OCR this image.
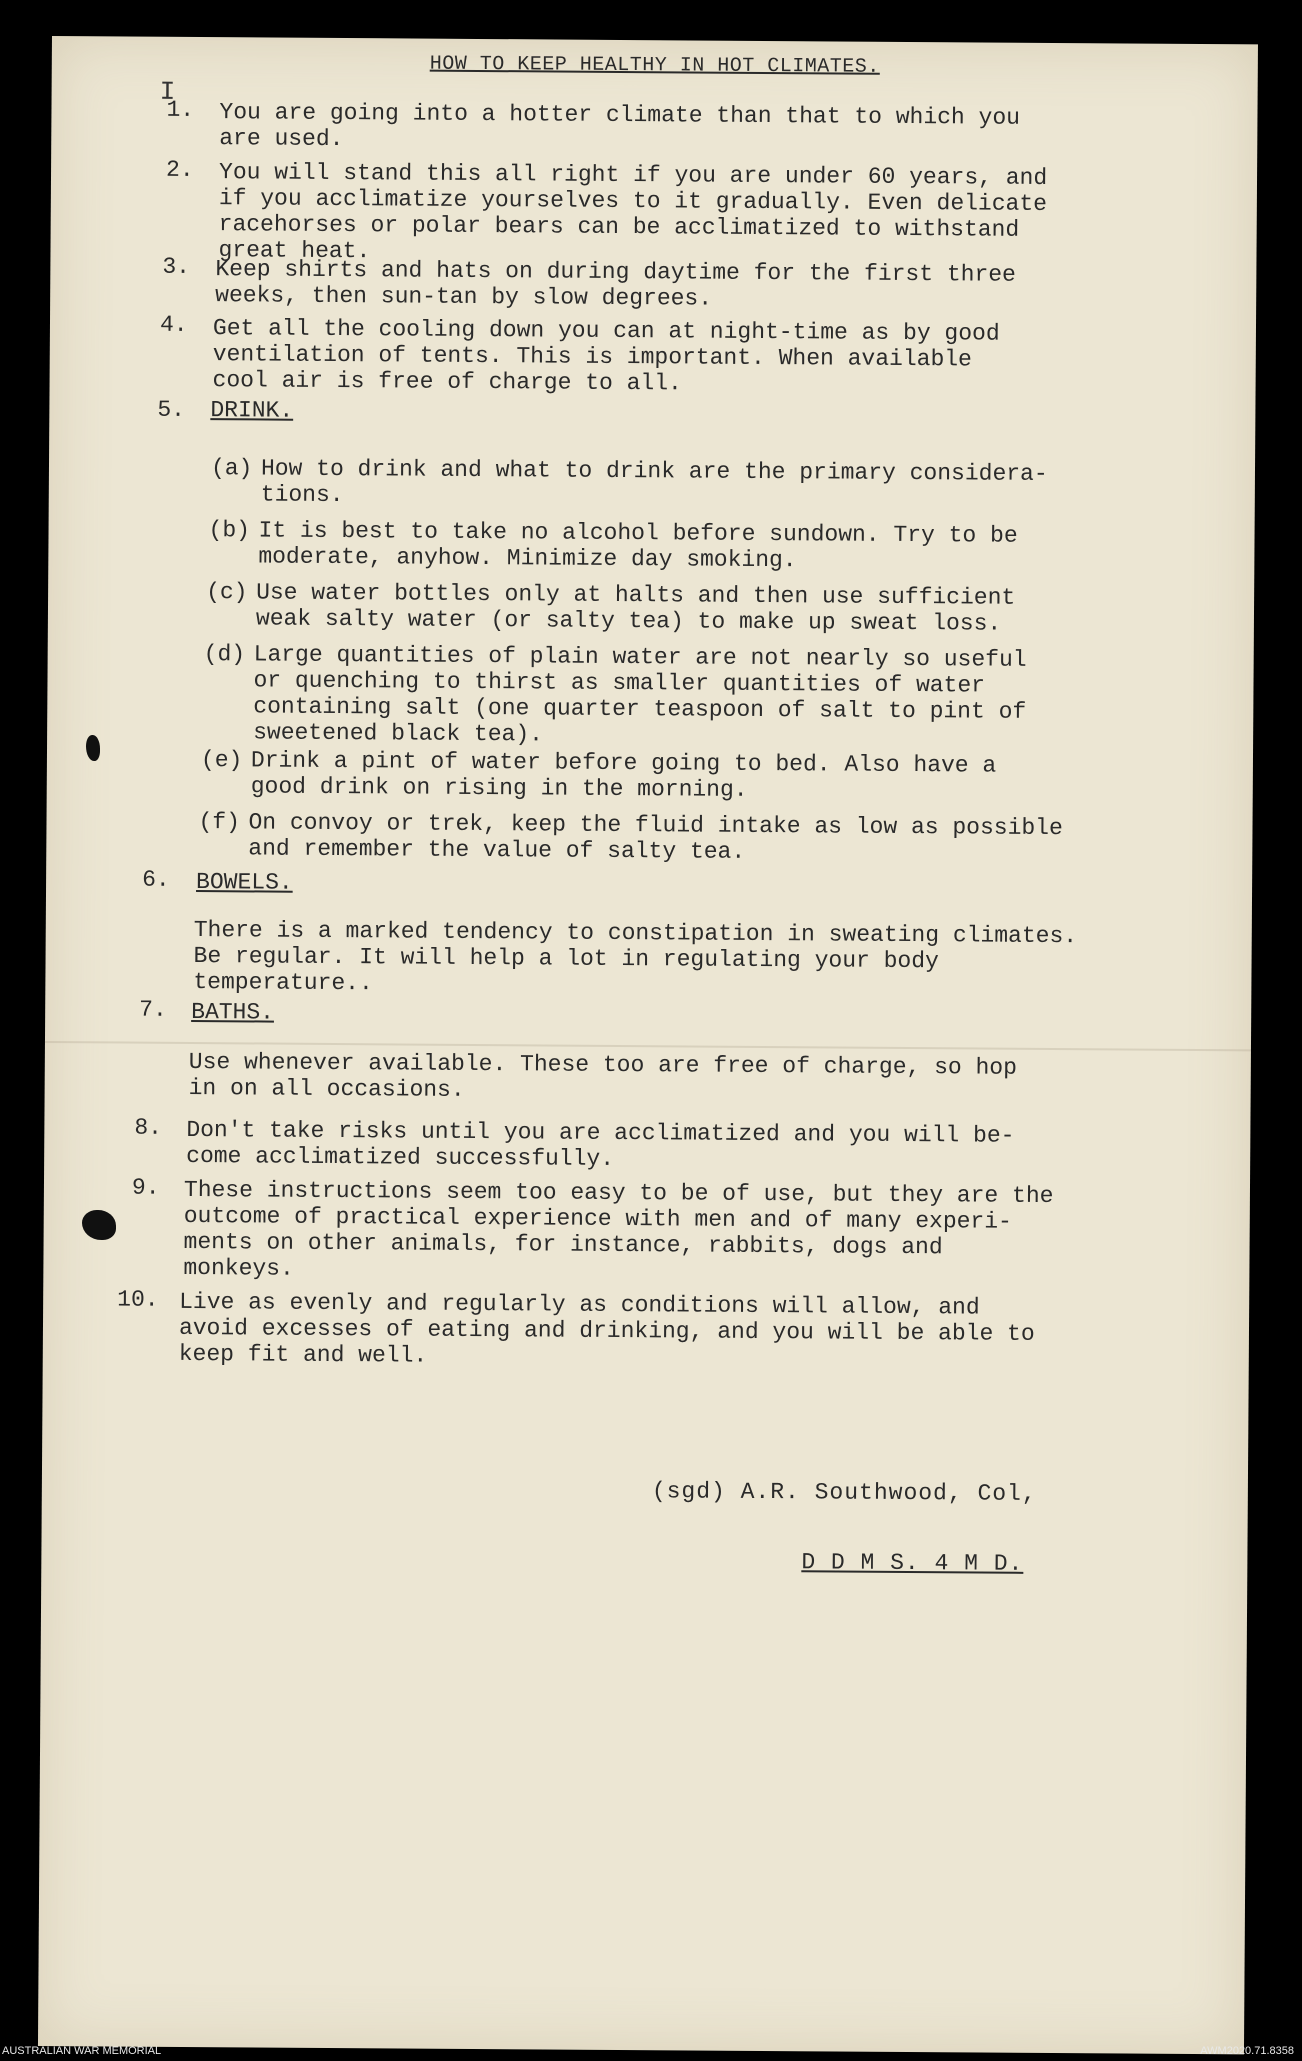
HOW TO KEEP HEALTHY IN HOT CLIMATES.
I
1. You are going into a hotter climate than that to which you
are used.
2. You will stand this all right if you are under 60 years, and
if you acclimatize yourselves to it gradually. Even delicate
racehorses or polar bears can be acclimatized to withstand
great heat.
3. Keep shirts and hats on during daytime for the first three
weeks, then sun-tan by slow degrees.
4. Get all the cooling down you can at night-time as by good
ventilation of tents. This is important. When available
cool air is free of charge to all.
5. DRINK.
(a) How to drink and what to drink are the primary considera-
tions.
(b) It is best to take no alcohol before sundown. Try to be
moderate, anyhow. Minimize day smoking.
(c) Use water bottles only at halts and then use sufficient
weak salty water (or salty tea) to make up sweat loss.
(d) Large quantities of plain water are not nearly so useful
or quenching to thirst as smaller quantities of water
containing salt (one quarter teaspoon of salt to pint of
sweetened black tea).
(e) Drink a pint of water before going to bed. Also have a
good drink on rising in the morning.
(f) On convoy or trek, keep the fluid intake as low as possible
and remember the value of salty tea.
6. BOWELS.
There is a marked tendency to constipation in sweating climates.
Be regular. It will help a lot in regulating your body
temperature..
7. BATHS.
Use whenever available. These too are free of charge, so hop
in on all occasions.
8. Don't take risks until you are acclimatized and you will be-
come acclimatized successfully.
9. These instructions seem too easy to be of use, but they are the
outcome of practical experience with men and of many experi-
ments on other animals, for instance, rabbits, dogs and
monkeys.
10. Live as evenly and regularly as conditions will allow, and
avoid excesses of eating and drinking, and you will be able to
keep fit and well.
(sgd) A.R. Southwood, Col,
D D M S. 4 M D.
AUSTRALIAN WAR MEMORIAL	AWM2020.71.8358
